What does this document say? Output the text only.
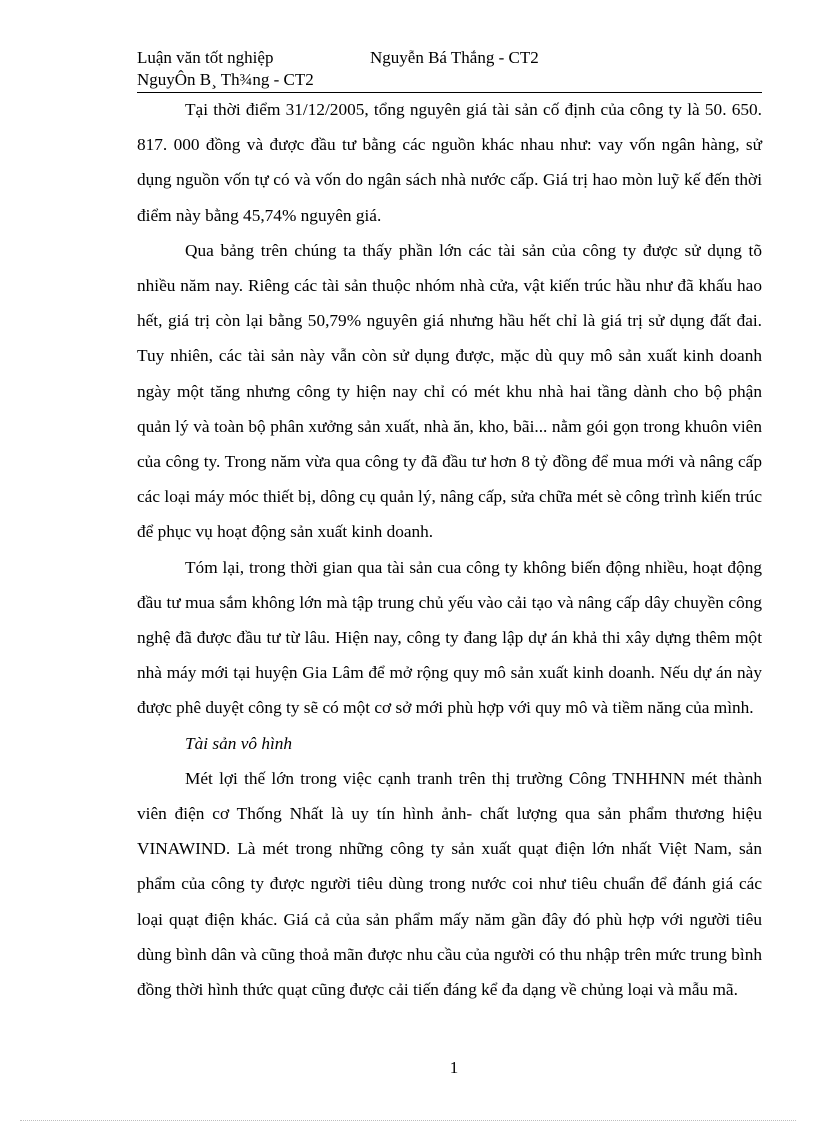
Luận văn tốt nghiệp	Nguyễn Bá Thắng - CT2
NguyÔn B¸ Th¾ng - CT2

Tại thời điểm 31/12/2005, tổng nguyên giá tài sản cố định của công ty là 50. 650. 817. 000 đồng và được đầu tư bằng các nguồn khác nhau như: vay vốn ngân hàng, sử dụng nguồn vốn tự có và vốn do ngân sách nhà nước cấp. Giá trị hao mòn luỹ kế đến thời điểm này bằng 45,74% nguyên giá.

Qua bảng trên chúng ta thấy phần lớn các tài sản của công ty được sử dụng tõ nhiều năm nay. Riêng các tài sản thuộc nhóm nhà cửa, vật kiến trúc hầu như đã khấu hao hết, giá trị còn lại bằng 50,79% nguyên giá nhưng hầu hết chỉ là giá trị sử dụng đất đai. Tuy nhiên, các tài sản này vẫn còn sử dụng được, mặc dù quy mô sản xuất kinh doanh ngày một tăng nhưng công ty hiện nay chỉ có mét khu nhà hai tầng dành cho bộ phận quản lý và toàn bộ phân xưởng sản xuất, nhà ăn, kho, bãi... nằm gói gọn trong khuôn viên của công ty. Trong năm vừa qua công ty đã đầu tư hơn 8 tỷ đồng để mua mới và nâng cấp các loại máy móc thiết bị, dông cụ quản lý, nâng cấp, sửa chữa mét sè công trình kiến trúc để phục vụ hoạt động sản xuất kinh doanh.

Tóm lại, trong thời gian qua tài sản cua công ty không biến động nhiều, hoạt động đầu tư mua sắm không lớn mà tập trung chủ yếu vào cải tạo và nâng cấp dây chuyền công nghệ đã được đầu tư từ lâu. Hiện nay, công ty đang lập dự án khả thi xây dựng thêm một nhà máy mới tại huyện Gia Lâm để mở rộng quy mô sản xuất kinh doanh. Nếu dự án này được phê duyệt công ty sẽ có một cơ sở mới phù hợp với quy mô và tiềm năng của mình.

Tài sản vô hình

Mét lợi thế lớn trong việc cạnh tranh trên thị trường Công TNHHNN mét thành viên điện cơ Thống Nhất là uy tín hình ảnh- chất lượng qua sản phẩm thương hiệu VINAWIND. Là mét trong những công ty sản xuất quạt điện lớn nhất Việt Nam, sản phẩm của công ty được người tiêu dùng trong nước coi như tiêu chuẩn để đánh giá các loại quạt điện khác. Giá cả của sản phẩm mấy năm gần đây đó phù hợp với người tiêu dùng bình dân và cũng thoả mãn được nhu cầu của người có thu nhập trên mức trung bình đồng thời hình thức quạt cũng được cải tiến đáng kể đa dạng về chủng loại và mẫu mã.

1
